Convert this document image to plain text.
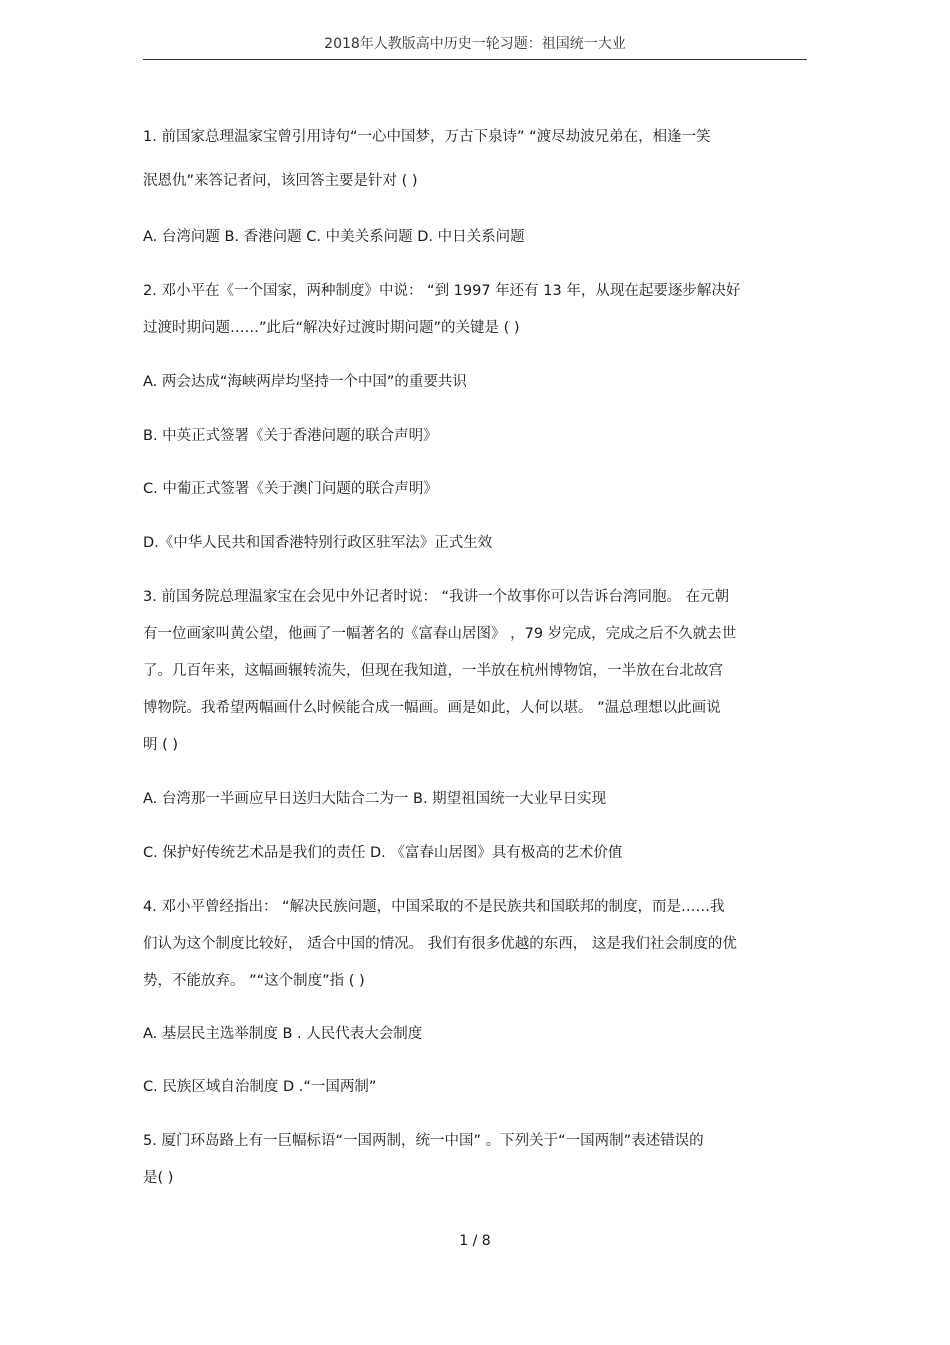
2018年人教版高中历史一轮习题：祖国统一大业
1. 前国家总理温家宝曾引用诗句“一心中国梦，万古下泉诗” “渡尽劫波兄弟在，相逢一笑
泯恩仇”来答记者问，该回答主要是针对 ( )
A. 台湾问题 B. 香港问题 C. 中美关系问题 D. 中日关系问题
2. 邓小平在《一个国家，两种制度》中说： “到 1997 年还有 13 年，从现在起要逐步解决好
过渡时期问题……”此后“解决好过渡时期问题”的关键是 ( )
A. 两会达成“海峡两岸均坚持一个中国”的重要共识
B. 中英正式签署《关于香港问题的联合声明》
C. 中葡正式签署《关于澳门问题的联合声明》
D.《中华人民共和国香港特别行政区驻军法》正式生效
3. 前国务院总理温家宝在会见中外记者时说： “我讲一个故事你可以告诉台湾同胞。 在元朝
有一位画家叫黄公望，他画了一幅著名的《富春山居图》 ，79 岁完成，完成之后不久就去世
了。几百年来，这幅画辗转流失，但现在我知道，一半放在杭州博物馆，一半放在台北故宫
博物院。我希望两幅画什么时候能合成一幅画。画是如此，人何以堪。 ”温总理想以此画说
明 ( )
A. 台湾那一半画应早日送归大陆合二为一 B. 期望祖国统一大业早日实现
C. 保护好传统艺术品是我们的责任 D. 《富春山居图》具有极高的艺术价值
4. 邓小平曾经指出： “解决民族问题，中国采取的不是民族共和国联邦的制度，而是……我
们认为这个制度比较好， 适合中国的情况。 我们有很多优越的东西， 这是我们社会制度的优
势，不能放弃。 ”“这个制度”指 ( )
A. 基层民主选举制度 B . 人民代表大会制度
C. 民族区域自治制度 D .“一国两制”
5. 厦门环岛路上有一巨幅标语“一国两制，统一中国” 。下列关于“一国两制”表述错误的
是( )
1 / 8
